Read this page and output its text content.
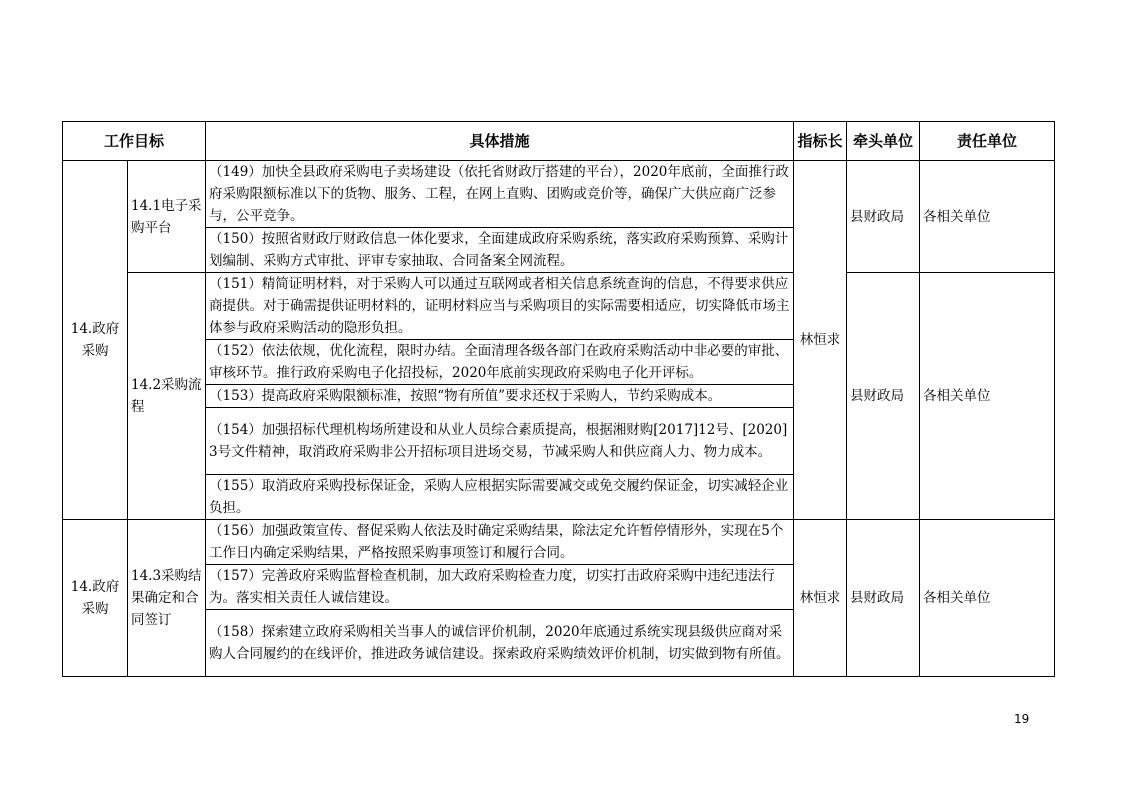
工作目标		具体措施	指标长	牵头单位	责任单位
14.政府采购	14.1电子采购平台	（149）加快全县政府采购电子卖场建设（依托省财政厅搭建的平台），2020年底前，全面推行政府采购限额标准以下的货物、服务、工程，在网上直购、团购或竞价等，确保广大供应商广泛参与，公平竞争。	林恒求	县财政局	各相关单位
		（150）按照省财政厅财政信息一体化要求，全面建成政府采购系统，落实政府采购预算、采购计划编制、采购方式审批、评审专家抽取、合同备案全网流程。			
	14.2采购流程	（151）精简证明材料，对于采购人可以通过互联网或者相关信息系统查询的信息，不得要求供应商提供。对于确需提供证明材料的，证明材料应当与采购项目的实际需要相适应，切实降低市场主体参与政府采购活动的隐形负担。		县财政局	各相关单位
		（152）依法依规，优化流程，限时办结。全面清理各级各部门在政府采购活动中非必要的审批、审核环节。推行政府采购电子化招投标，2020年底前实现政府采购电子化开评标。			
		（153）提高政府采购限额标准，按照“物有所值”要求还权于采购人，节约采购成本。			
		（154）加强招标代理机构场所建设和从业人员综合素质提高，根据湘财购[2017]12号、[2020]3号文件精神，取消政府采购非公开招标项目进场交易，节减采购人和供应商人力、物力成本。			
		（155）取消政府采购投标保证金，采购人应根据实际需要减交或免交履约保证金，切实减轻企业负担。			
14.政府采购	14.3采购结果确定和合同签订	（156）加强政策宣传、督促采购人依法及时确定采购结果，除法定允许暂停情形外，实现在5个工作日内确定采购结果，严格按照采购事项签订和履行合同。	林恒求	县财政局	各相关单位
		（157）完善政府采购监督检查机制，加大政府采购检查力度，切实打击政府采购中违纪违法行为。落实相关责任人诚信建设。			
		（158）探索建立政府采购相关当事人的诚信评价机制，2020年底通过系统实现县级供应商对采购人合同履约的在线评价，推进政务诚信建设。探索政府采购绩效评价机制，切实做到物有所值。			
19
